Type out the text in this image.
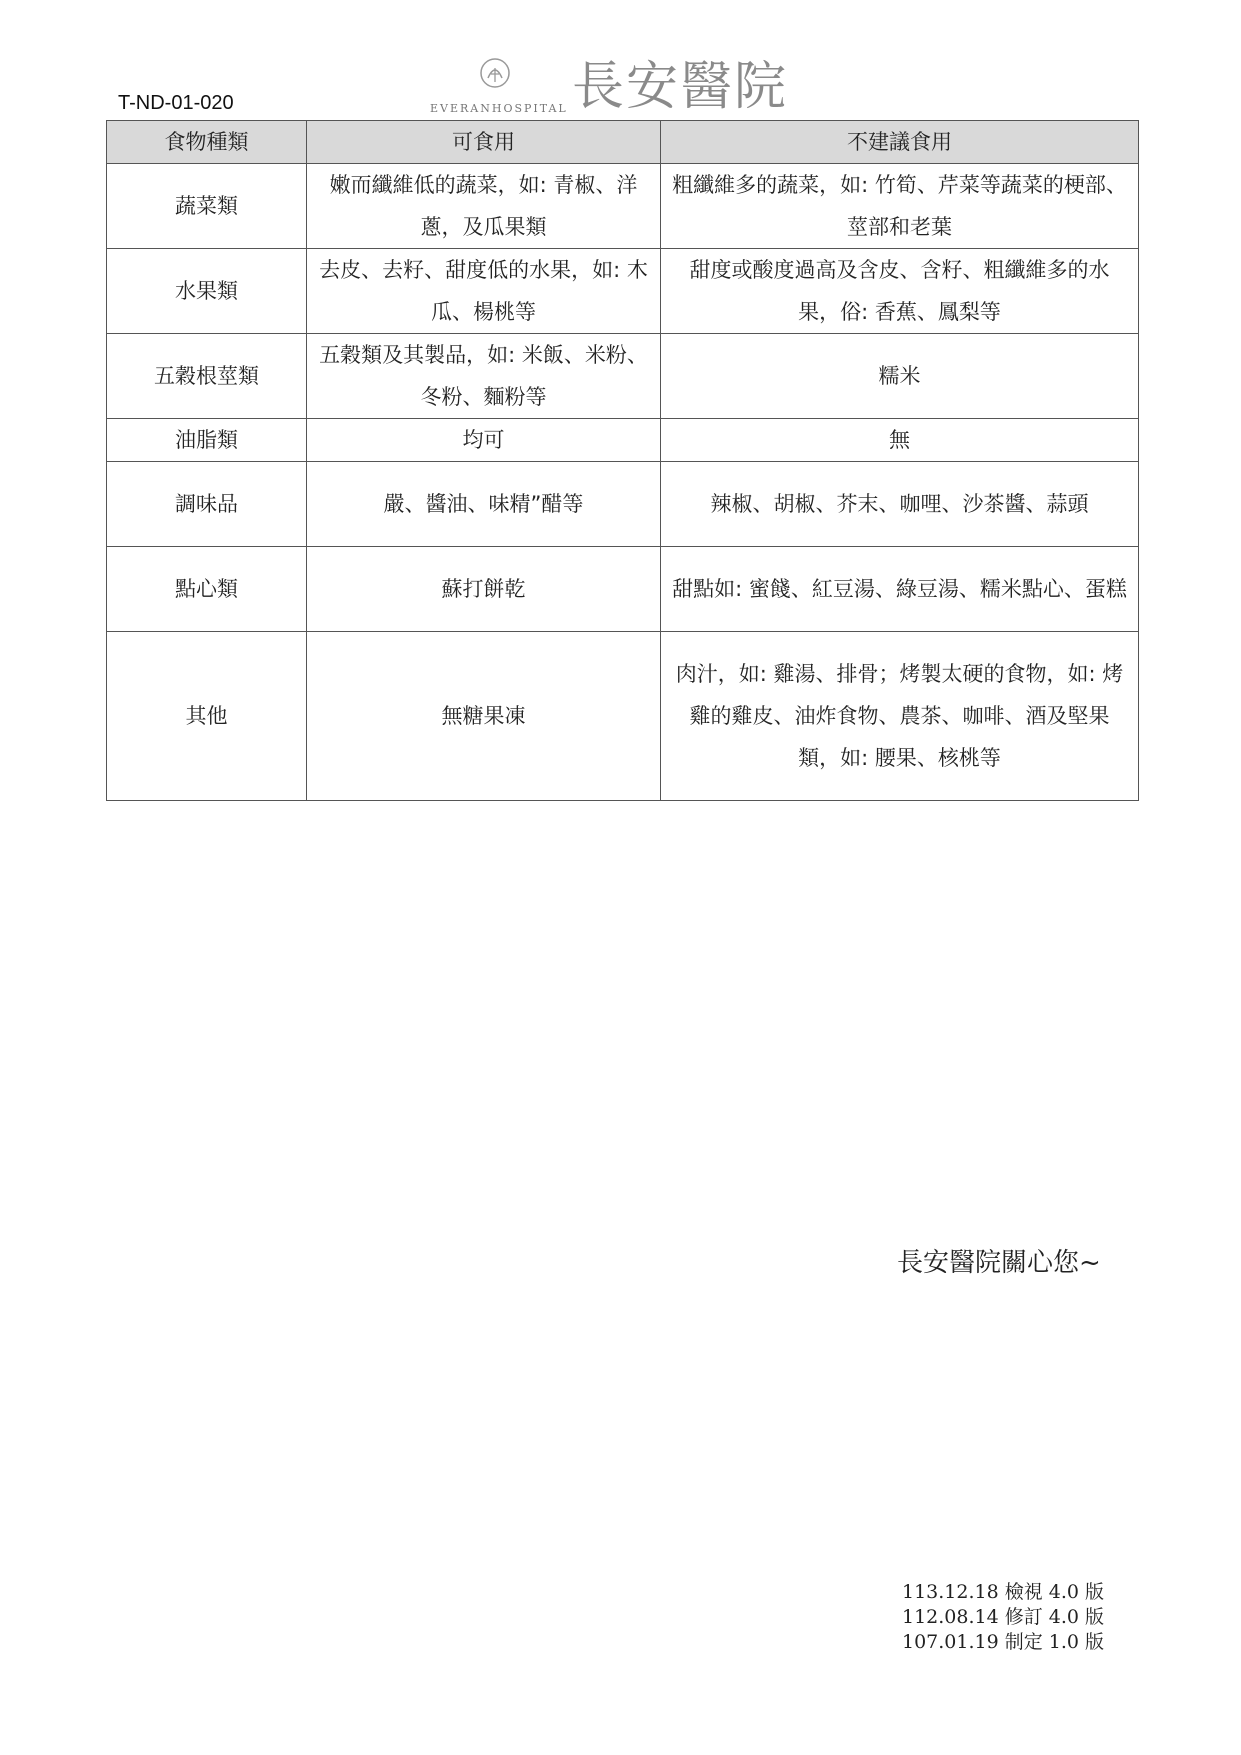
T-ND-01-020	EVERANHOSPITAL 長安醫院
食物種類	可食用	不建議食用
蔬菜類	嫩而纖維低的蔬菜，如: 青椒、洋蔥，及瓜果類	粗纖維多的蔬菜，如: 竹筍、芹菜等蔬菜的梗部、莖部和老葉
水果類	去皮、去籽、甜度低的水果，如: 木瓜、楊桃等	甜度或酸度過高及含皮、含籽、粗纖維多的水果，俗: 香蕉、鳳梨等
五穀根莖類	五穀類及其製品，如: 米飯、米粉、冬粉、麵粉等	糯米
油脂類	均可	無
調味品	嚴、醬油、味精”醋等	辣椒、胡椒、芥末、咖哩、沙茶醬、蒜頭
點心類	蘇打餅乾	甜點如: 蜜餞、紅豆湯、綠豆湯、糯米點心、蛋糕
其他	無糖果凍	肉汁，如: 雞湯、排骨；烤製太硬的食物，如: 烤雞的雞皮、油炸食物、農茶、咖啡、酒及堅果類，如: 腰果、核桃等
長安醫院關心您~
113.12.18 檢視 4.0 版
112.08.14 修訂 4.0 版
107.01.19 制定 1.0 版
